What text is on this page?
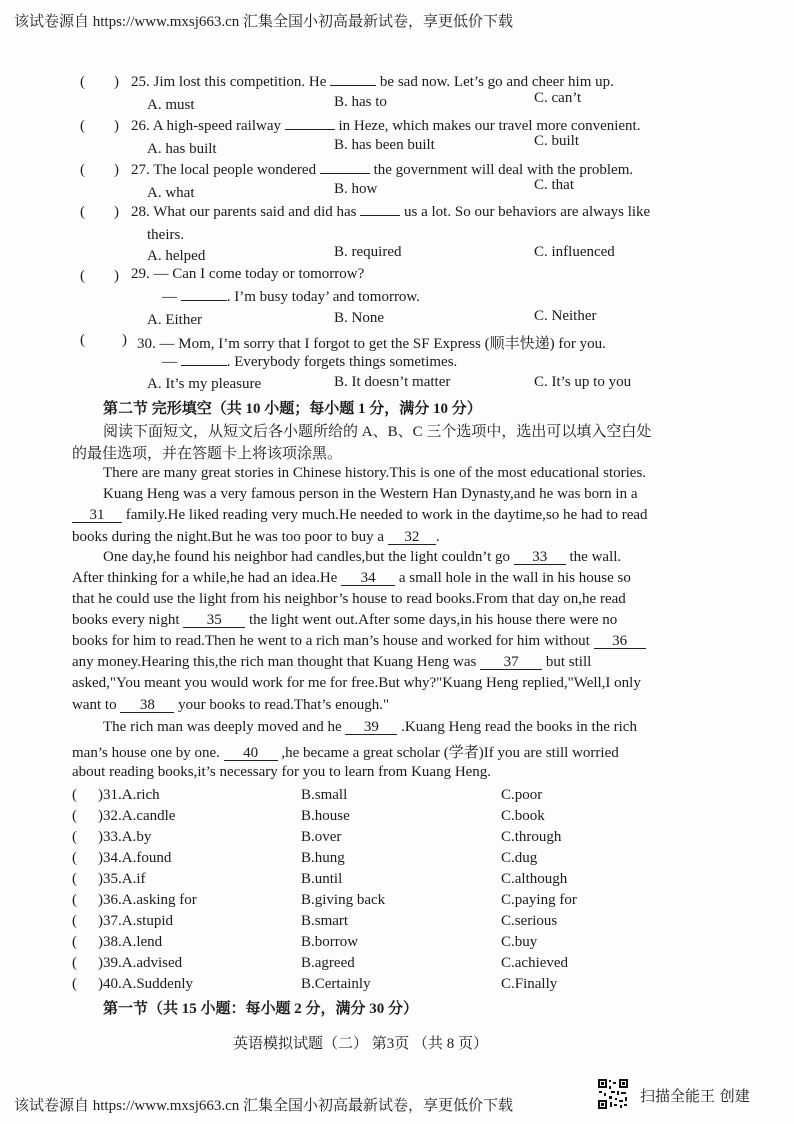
该试卷源自 https://www.mxsj663.cn 汇集全国小初高最新试卷，享更低价下载
( ) 25. Jim lost this competition. He	be sad now. Let’s go and cheer him up.
A. must	B. has to	C. can’t
( ) 26. A high-speed railway	in Heze, which makes our travel more convenient.
A. has built	B. has been built	C. built
( ) 27. The local people wondered	the government will deal with the problem.
A. what	B. how	C. that
( ) 28. What our parents said and did has	us a lot. So our behaviors are always like
theirs.
A. helped	B. required	C. influenced
( ) 29. — Can I come today or tomorrow?
—	. I’m busy today’ and tomorrow.
A. Either	B. None	C. Neither
( ) 30. — Mom, I’m sorry that I forgot to get the SF Express (顺丰快递) for you.
—	. Everybody forgets things sometimes.
A. It’s my pleasure	B. It doesn’t matter	C. It’s up to you
第二节 完形填空（共 10 小题；每小题 1 分，满分 10 分）
阅读下面短文，从短文后各小题所给的 A、B、C 三个选项中，选出可以填入空白处
的最佳选项，并在答题卡上将该项涂黑。
There are many great stories in Chinese history.This is one of the most educational stories.
Kuang Heng was a very famous person in the Western Han Dynasty,and he was born in a
31 family.He liked reading very much.He needed to work in the daytime,so he had to read
books during the night.But he was too poor to buy a 32 .
One day,he found his neighbor had candles,but the light couldn’t go 33 the wall.
After thinking for a while,he had an idea.He 34 a small hole in the wall in his house so
that he could use the light from his neighbor’s house to read books.From that day on,he read
books every night 35 the light went out.After some days,in his house there were no
books for him to read.Then he went to a rich man’s house and worked for him without 36
any money.Hearing this,the rich man thought that Kuang Heng was 37 but still
asked,"You meant you would work for me for free.But why?"Kuang Heng replied,"Well,I only
want to 38 your books to read.That’s enough."
The rich man was deeply moved and he 39 .Kuang Heng read the books in the rich
man’s house one by one. 40 ,he became a great scholar (学者)If you are still worried
about reading books,it’s necessary for you to learn from Kuang Heng.
( )31.A.rich	B.small	C.poor
( )32.A.candle	B.house	C.book
( )33.A.by	B.over	C.through
( )34.A.found	B.hung	C.dug
( )35.A.if	B.until	C.although
( )36.A.asking for	B.giving back	C.paying for
( )37.A.stupid	B.smart	C.serious
( )38.A.lend	B.borrow	C.buy
( )39.A.advised	B.agreed	C.achieved
( )40.A.Suddenly	B.Certainly	C.Finally
第一节（共 15 小题：每小题 2 分，满分 30 分）
英语模拟试题（二） 第3页 （共 8 页）
该试卷源自 https://www.mxsj663.cn 汇集全国小初高最新试卷，享更低价下载
扫描全能王 创建
